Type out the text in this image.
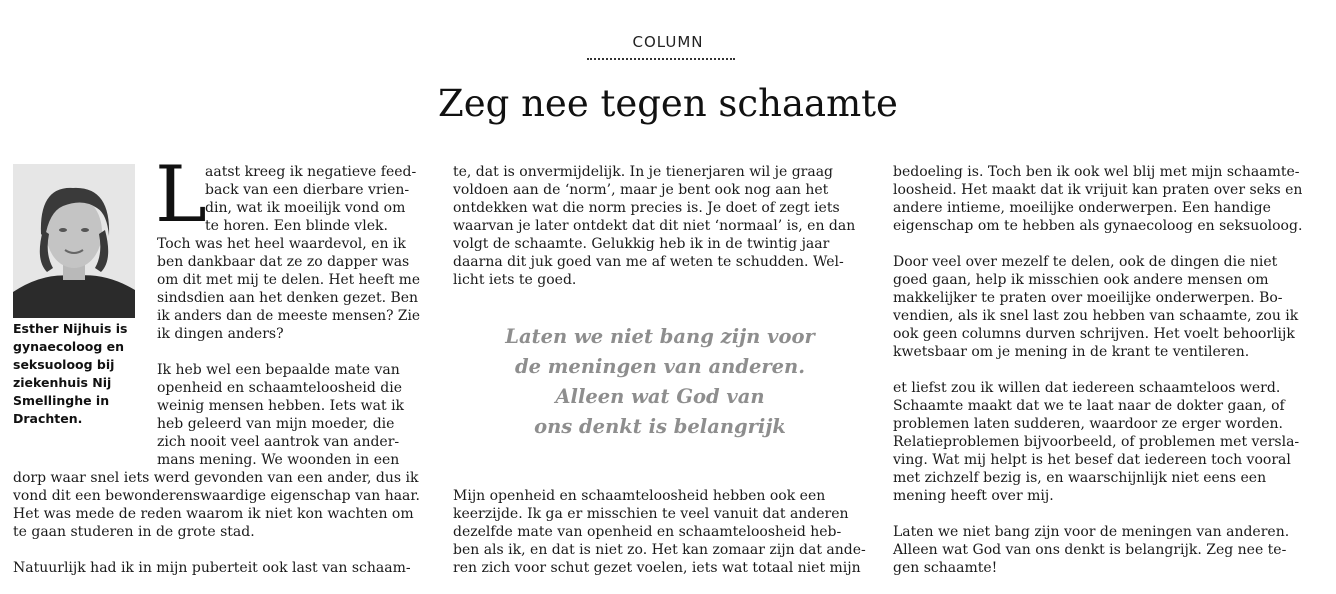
COLUMN
Zeg nee tegen schaamte
Esther Nijhuis is
gynaecoloog en
seksuoloog bij
ziekenhuis Nij
Smellinghe in
Drachten.
L
aatst kreeg ik negatieve feed-
back van een dierbare vrien-
din, wat ik moeilijk vond om
te horen. Een blinde vlek.
Toch was het heel waardevol, en ik
ben dankbaar dat ze zo dapper was
om dit met mij te delen. Het heeft me
sindsdien aan het denken gezet. Ben
ik anders dan de meeste mensen? Zie
ik dingen anders?
Ik heb wel een bepaalde mate van
openheid en schaamteloosheid die
weinig mensen hebben. Iets wat ik
heb geleerd van mijn moeder, die
zich nooit veel aantrok van ander-
mans mening. We woonden in een
dorp waar snel iets werd gevonden van een ander, dus ik
vond dit een bewonderenswaardige eigenschap van haar.
Het was mede de reden waarom ik niet kon wachten om
te gaan studeren in de grote stad.
Natuurlijk had ik in mijn puberteit ook last van schaam-
te, dat is onvermijdelijk. In je tienerjaren wil je graag
voldoen aan de ‘norm’, maar je bent ook nog aan het
ontdekken wat die norm precies is. Je doet of zegt iets
waarvan je later ontdekt dat dit niet ‘normaal’ is, en dan
volgt de schaamte. Gelukkig heb ik in de twintig jaar
daarna dit juk goed van me af weten te schudden. Wel-
licht iets te goed.
Laten we niet bang zijn voor
de meningen van anderen.
Alleen wat God van
ons denkt is belangrijk
Mijn openheid en schaamteloosheid hebben ook een
keerzijde. Ik ga er misschien te veel vanuit dat anderen
dezelfde mate van openheid en schaamteloosheid heb-
ben als ik, en dat is niet zo. Het kan zomaar zijn dat ande-
ren zich voor schut gezet voelen, iets wat totaal niet mijn
bedoeling is. Toch ben ik ook wel blij met mijn schaamte-
loosheid. Het maakt dat ik vrijuit kan praten over seks en
andere intieme, moeilijke onderwerpen. Een handige
eigenschap om te hebben als gynaecoloog en seksuoloog.
Door veel over mezelf te delen, ook de dingen die niet
goed gaan, help ik misschien ook andere mensen om
makkelijker te praten over moeilijke onderwerpen. Bo-
vendien, als ik snel last zou hebben van schaamte, zou ik
ook geen columns durven schrijven. Het voelt behoorlijk
kwetsbaar om je mening in de krant te ventileren.
et liefst zou ik willen dat iedereen schaamteloos werd.
Schaamte maakt dat we te laat naar de dokter gaan, of
problemen laten sudderen, waardoor ze erger worden.
Relatieproblemen bijvoorbeeld, of problemen met versla-
ving. Wat mij helpt is het besef dat iedereen toch vooral
met zichzelf bezig is, en waarschijnlijk niet eens een
mening heeft over mij.
Laten we niet bang zijn voor de meningen van anderen.
Alleen wat God van ons denkt is belangrijk. Zeg nee te-
gen schaamte!
